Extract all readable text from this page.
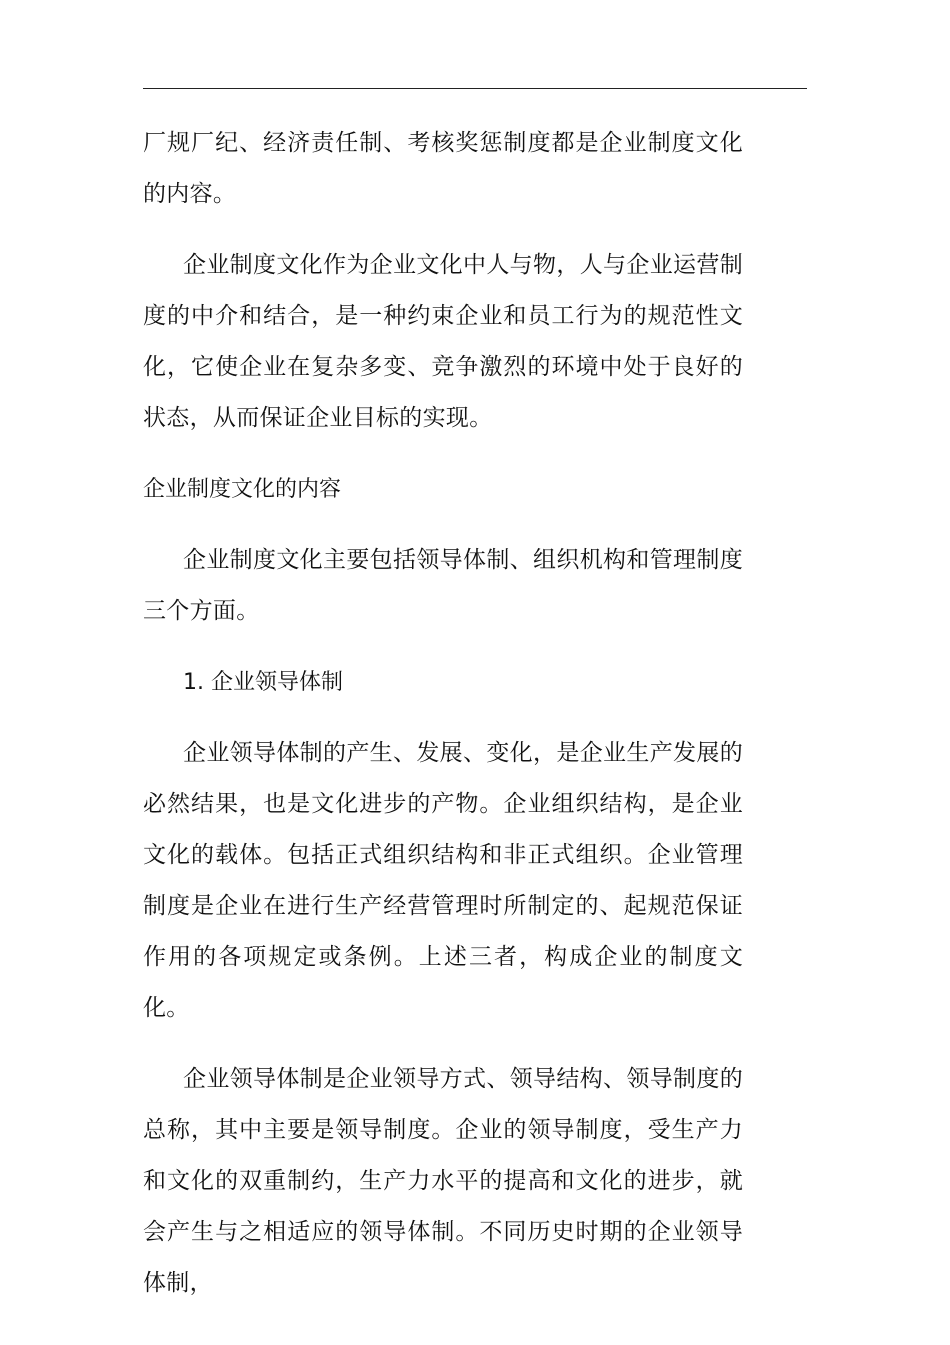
厂规厂纪、经济责任制、考核奖惩制度都是企业制度文化的内容。

企业制度文化作为企业文化中人与物，人与企业运营制度的中介和结合，是一种约束企业和员工行为的规范性文化，它使企业在复杂多变、竞争激烈的环境中处于良好的状态，从而保证企业目标的实现。

企业制度文化的内容

企业制度文化主要包括领导体制、组织机构和管理制度三个方面。

1. 企业领导体制

企业领导体制的产生、发展、变化，是企业生产发展的必然结果，也是文化进步的产物。企业组织结构，是企业文化的载体。包括正式组织结构和非正式组织。企业管理制度是企业在进行生产经营管理时所制定的、起规范保证作用的各项规定或条例。上述三者，构成企业的制度文化。

企业领导体制是企业领导方式、领导结构、领导制度的总称，其中主要是领导制度。企业的领导制度，受生产力和文化的双重制约，生产力水平的提高和文化的进步，就会产生与之相适应的领导体制。不同历史时期的企业领导体制，
